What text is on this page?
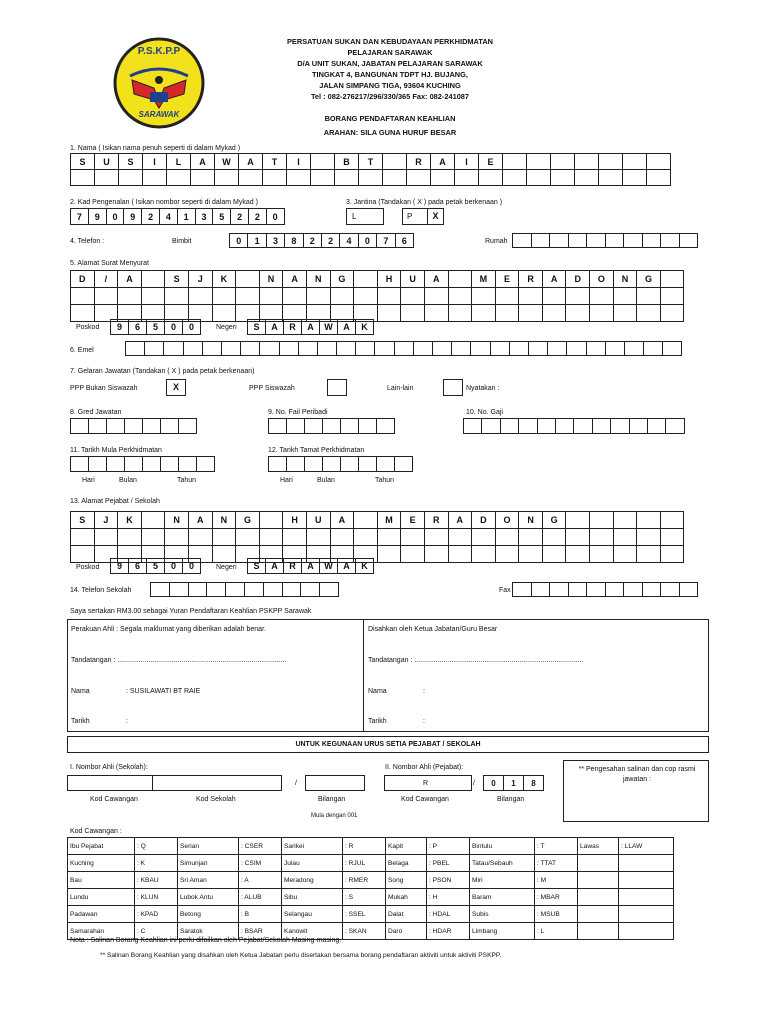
P.S.K.P.P
SARAWAK
PERSATUAN SUKAN DAN KEBUDAYAAN PERKHIDMATAN
PELAJARAN SARAWAK
D/A UNIT SUKAN, JABATAN PELAJARAN SARAWAK
TINGKAT 4, BANGUNAN TDPT HJ. BUJANG,
JALAN SIMPANG TIGA, 93604 KUCHING
Tel : 082-276217/296/330/365 Fax: 082-241087
BORANG PENDAFTARAN KEAHLIAN
ARAHAN: SILA GUNA HURUF BESAR
1. Nama ( Isikan nama penuh seperti di dalam Mykad )
S	U	S	I	L	A	W	A	T	I	B	T	R	A	I	E
2. Kad Pengenalan ( Isikan nombor seperti di dalam Mykad )
7	9	0	9	2	4	1	3	5	2	2	0
3. Jantina (Tandakan ( X ) pada petak berkenaan )
L	P	X
4. Telefon :	Bimbit	0	1	3	8	2	2	4	0	7	6	Rumah
5. Alamat Surat Menyurat
D	/	A	S	J	K	N	A	N	G	H	U	A	M	E	R	A	D	O	N	G
Poskod	9	6	5	0	0	Negeri	S	A	R	A	W	A	K
6. Emel
7. Gelaran Jawatan (Tandakan ( X ) pada petak berkenaan)
PPP Bukan Siswazah	X	PPP Siswazah	Lain-lain	Nyatakan :
8. Gred Jawatan	9. No. Fail Peribadi	10. No. Gaji
11. Tarikh Mula Perkhidmatan
Hari	Bulan	Tahun
12. Tarikh Tamat Perkhidmatan
Hari	Bulan	Tahun
13. Alamat Pejabat / Sekolah
S	J	K	N	A	N	G	H	U	A	M	E	R	A	D	O	N	G
Poskod	9	6	5	0	0	Negeri	S	A	R	A	W	A	K
14. Telefon Sekolah	Fax
Saya sertakan RM3.00 sebagai Yuran Pendaftaran Keahlian PSKPP Sarawak
Perakuan Ahli : Segala maklumat yang diberikan adalah benar.	Disahkan oleh Ketua Jabatan/Guru Besar
Tandatangan : .......................................................................................	Tandatangan : .......................................................................................
Nama	: SUSILAWATI BT RAIE	Nama	:
Tarikh	:	Tarikh	:
UNTUK KEGUNAAN URUS SETIA PEJABAT / SEKOLAH
I. Nombor Ahli (Sekolah):
/
Kod Cawangan	Kod Sekolah	Bilangan
Mula dengan 001
II. Nombor Ahli (Pejabat):
R	/	0	1	8
Kod Cawangan	Bilangan
** Pengesahan salinan dan cop rasmi jawatan :
Kod Cawangan :
Ibu Pejabat	: Q	Serian	: CSER	Sarikei	: R	Kapit	: P	Bintulu	: T	Lawas	: LLAW
Kuching	: K	Simunjan	: CSIM	Julau	: RJUL	Belaga	: PBEL	Tatau/Sebauh	: TTAT		
Bau	: KBAU	Sri Aman	: A	Meradong	: RMER	Song	: PSON	Miri	: M		
Lundu	: KLUN	Lubok Antu	: ALUB	Sibu	: S	Mukah	: H	Baram	: MBAR		
Padawan	: KPAD	Betong	: B	Selangau	: SSEL	Dalat	: HDAL	Subis	: MSUB		
Samarahan	: C	Saratok	: BSAR	Kanowit	: SKAN	Daro	: HDAR	Limbang	: L		
Nota : Salinan Borang Keahlian ini perlu difailkan oleh Pejabat/Sekolah Masing-masing.
** Salinan Borang Keahlian yang disahkan oleh Ketua Jabatan perlu disertakan bersama borang pendaftaran aktiviti untuk aktiviti PSKPP.
